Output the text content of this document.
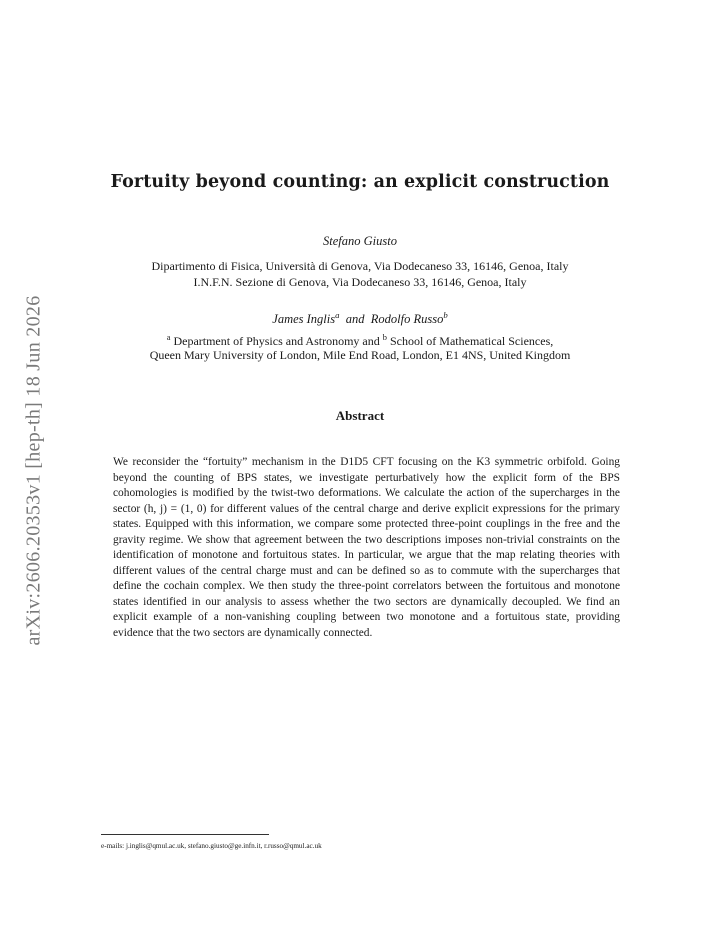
arXiv:2606.20353v1 [hep-th] 18 Jun 2026
Fortuity beyond counting: an explicit construction
Stefano Giusto
Dipartimento di Fisica, Università di Genova, Via Dodecaneso 33, 16146, Genoa, Italy
I.N.F.N. Sezione di Genova, Via Dodecaneso 33, 16146, Genoa, Italy
James Inglis$^a$ and Rodolfo Russo$^b$
$^a$ Department of Physics and Astronomy and $^b$ School of Mathematical Sciences,
Queen Mary University of London, Mile End Road, London, E1 4NS, United Kingdom
Abstract
We reconsider the “fortuity” mechanism in the D1D5 CFT focusing on the K3 symmetric orbifold. Going beyond the counting of BPS states, we investigate perturbatively how the explicit form of the BPS cohomologies is modified by the twist-two deformations. We calculate the action of the supercharges in the sector (h, j) = (1, 0) for different values of the central charge and derive explicit expressions for the primary states. Equipped with this information, we compare some protected three-point couplings in the free and the gravity regime. We show that agreement between the two descriptions imposes non-trivial constraints on the identification of monotone and fortuitous states. In particular, we argue that the map relating theories with different values of the central charge must and can be defined so as to commute with the supercharges that define the cochain complex. We then study the three-point correlators between the fortuitous and monotone states identified in our analysis to assess whether the two sectors are dynamically decoupled. We find an explicit example of a non-vanishing coupling between two monotone and a fortuitous state, providing evidence that the two sectors are dynamically connected.
e-mails: j.inglis@qmul.ac.uk, stefano.giusto@ge.infn.it, r.russo@qmul.ac.uk
